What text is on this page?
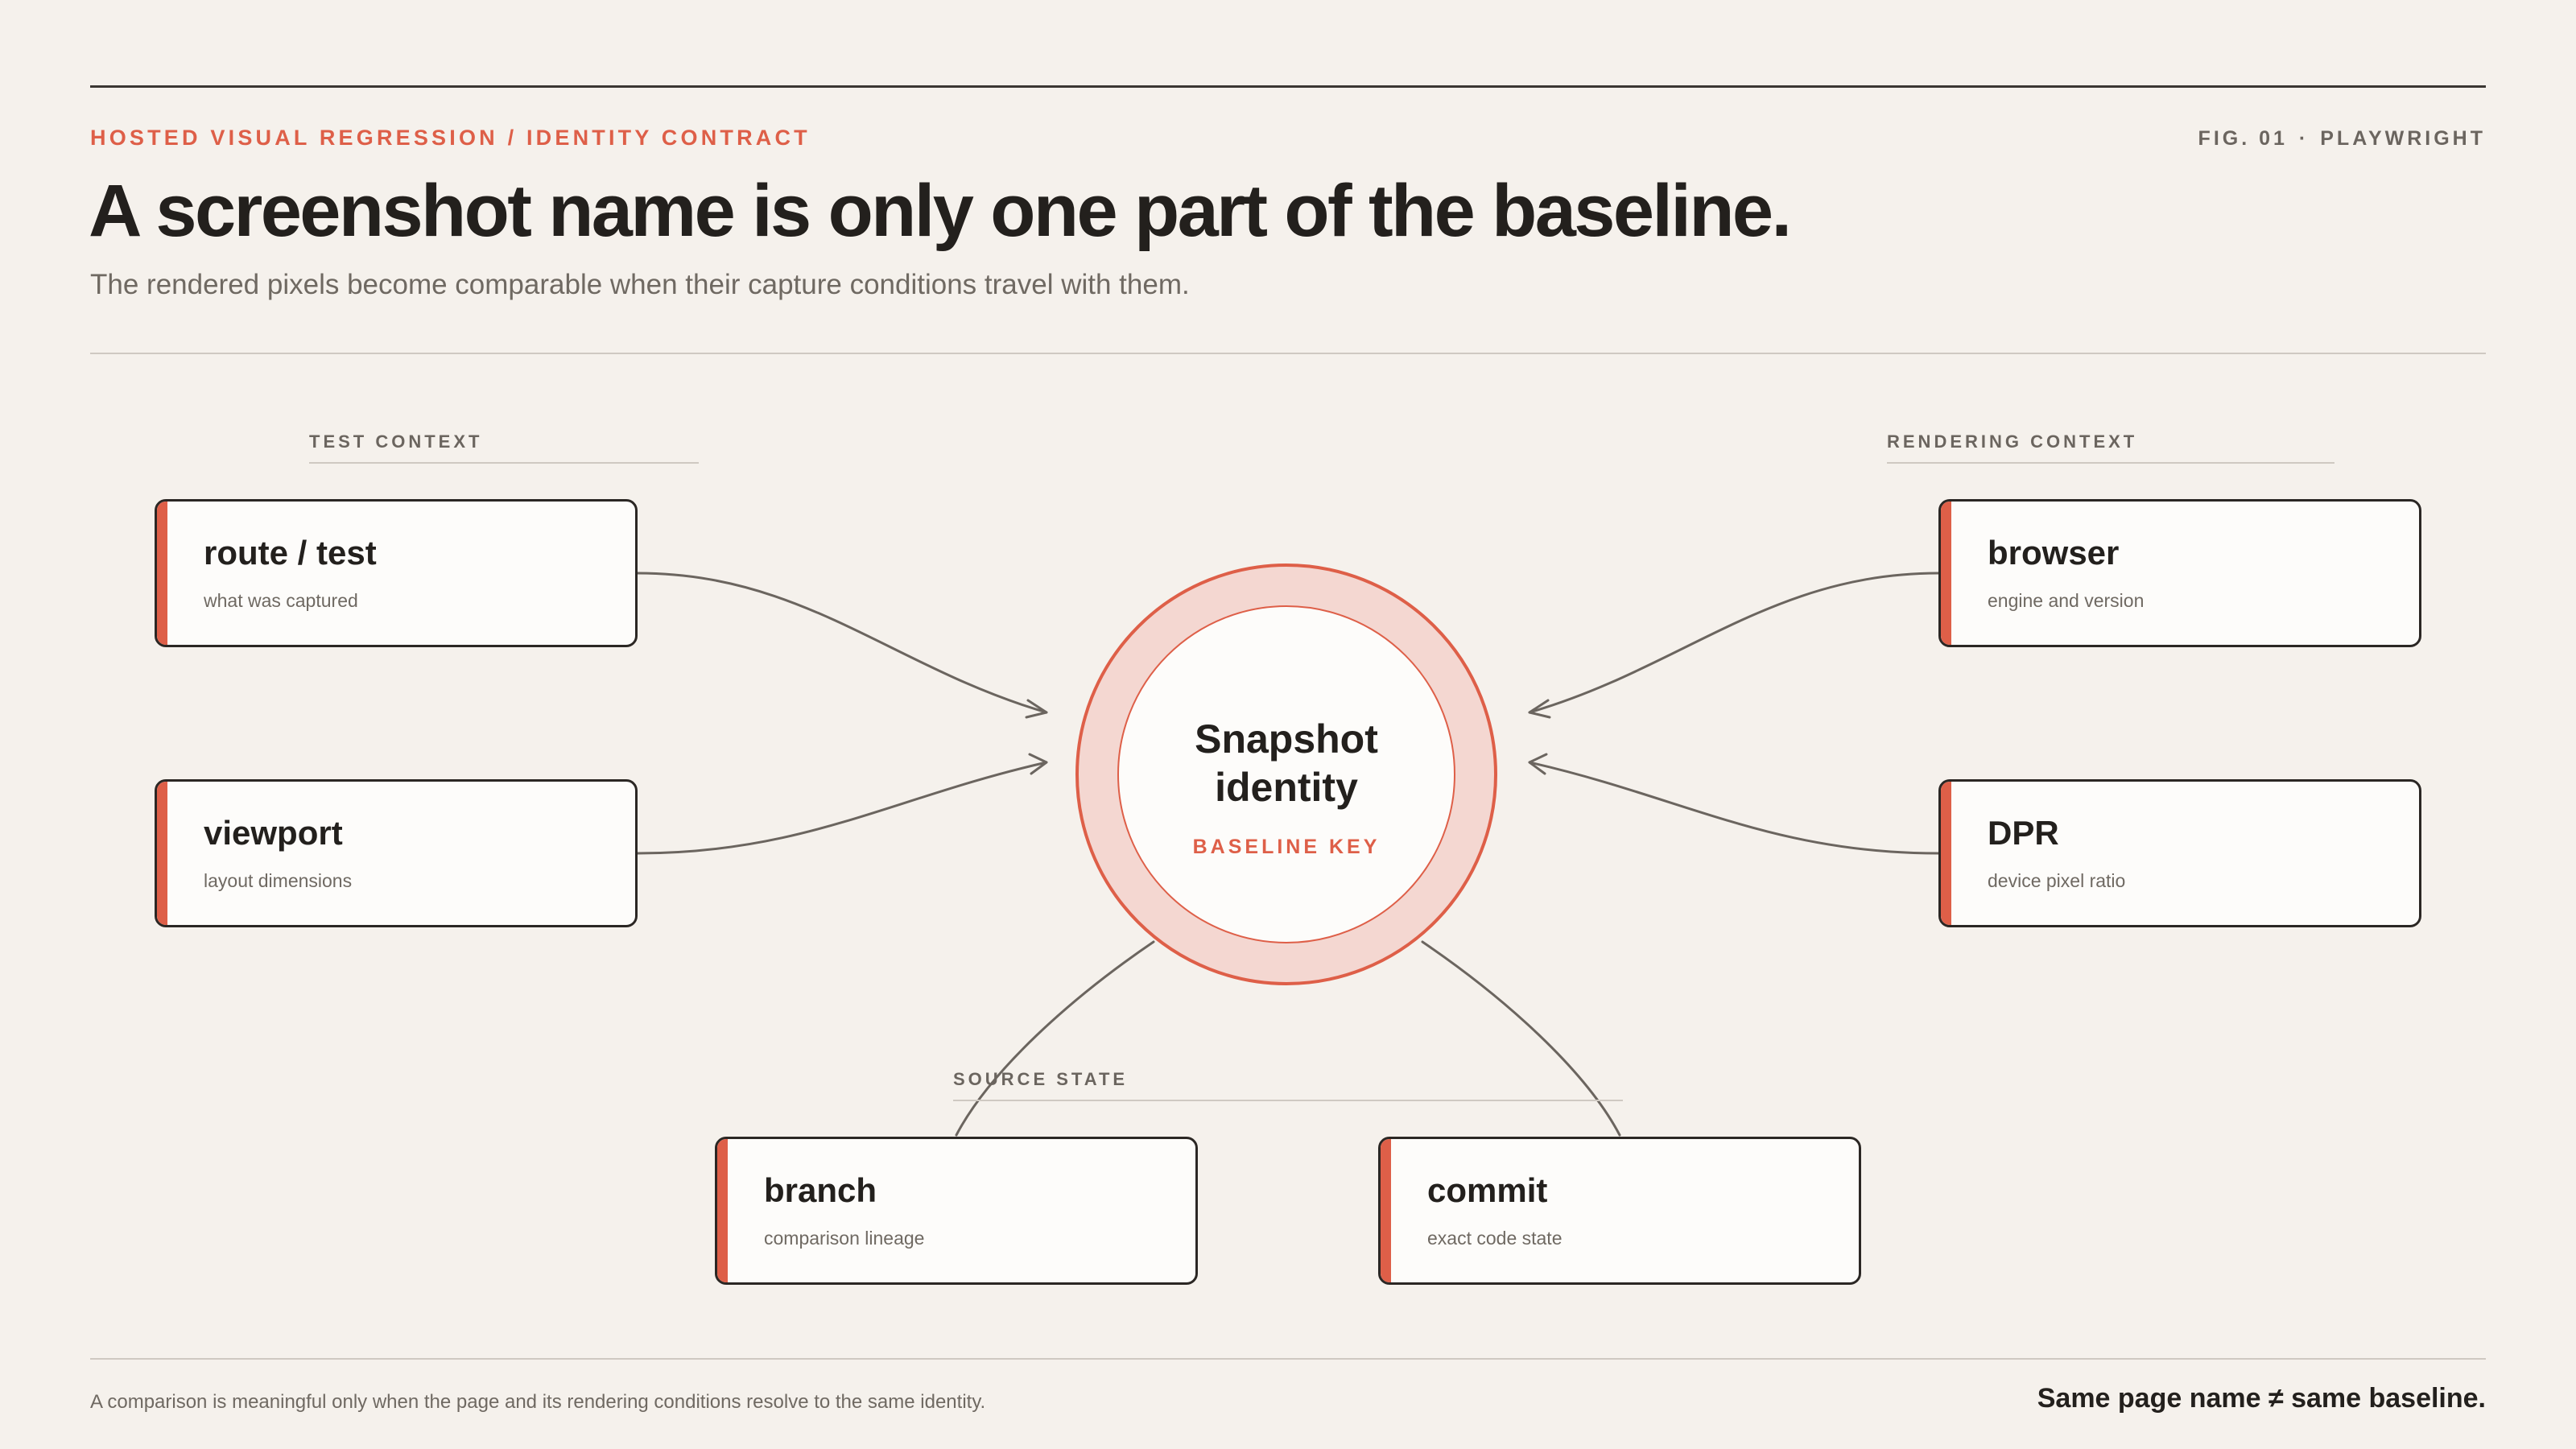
HOSTED VISUAL REGRESSION / IDENTITY CONTRACT	FIG. 01 · PLAYWRIGHT
A screenshot name is only one part of the baseline.
The rendered pixels become comparable when their capture conditions travel with them.
TEST CONTEXT	RENDERING CONTEXT
SOURCE STATE
route / test
what was captured
viewport
layout dimensions
browser
engine and version
DPR
device pixel ratio
branch
comparison lineage
commit
exact code state
Snapshot
identity
BASELINE KEY
A comparison is meaningful only when the page and its rendering conditions resolve to the same identity.	Same page name ≠ same baseline.
